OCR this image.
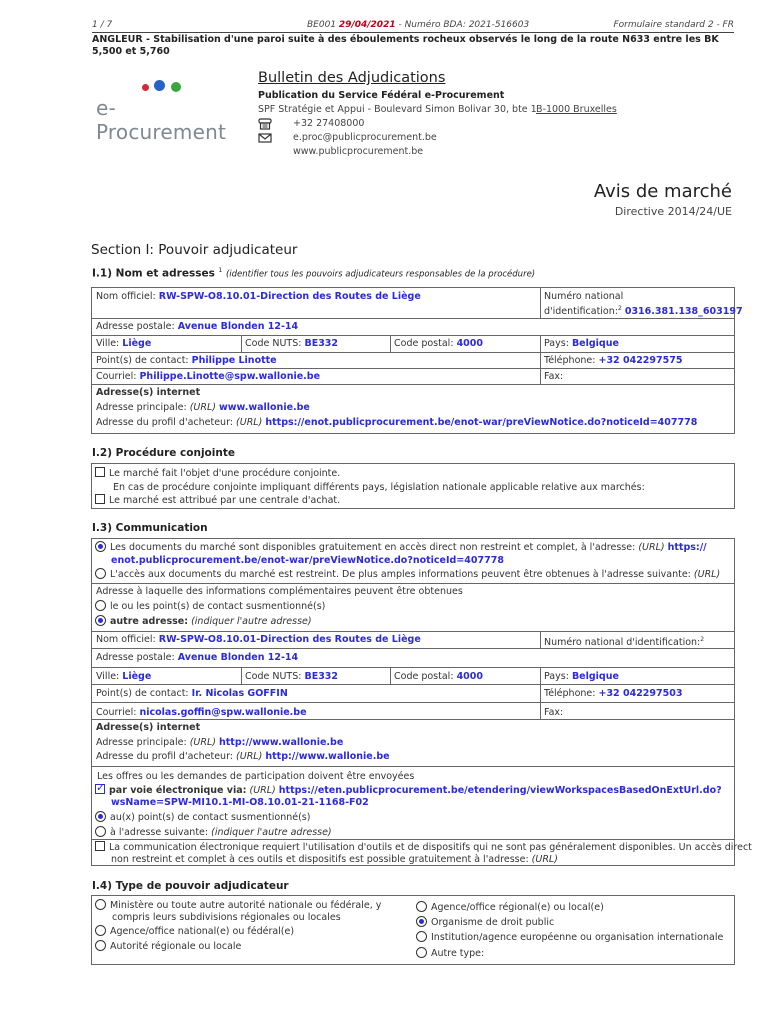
1 / 7	BE001 29/04/2021 - Numéro BDA: 2021-516603	Formulaire standard 2 - FR
ANGLEUR - Stabilisation d'une paroi suite à des éboulements rocheux observés le long de la route N633 entre les BK 5,500 et 5,760
e-Procurement
Bulletin des Adjudications
Publication du Service Fédéral e-Procurement
SPF Stratégie et Appui - Boulevard Simon Bolivar 30, bte 1 B-1000 Bruxelles
+32 27408000
e.proc@publicprocurement.be
www.publicprocurement.be
Avis de marché
Directive 2014/24/UE
Section I: Pouvoir adjudicateur
I.1) Nom et adresses $^1$ (identifier tous les pouvoirs adjudicateurs responsables de la procédure)
Nom officiel: RW-SPW-O8.10.01-Direction des Routes de Liège	Numéro national
d'identification:$^2$ 0316.381.138_603197
Adresse postale: Avenue Blonden 12-14
Ville: Liège	Code NUTS: BE332	Code postal: 4000	Pays: Belgique
Point(s) de contact: Philippe Linotte	Téléphone: +32 042297575
Courriel: Philippe.Linotte@spw.wallonie.be	Fax:
Adresse(s) internet
Adresse principale: (URL) www.wallonie.be
Adresse du profil d'acheteur: (URL) https://enot.publicprocurement.be/enot-war/preViewNotice.do?noticeId=407778
I.2) Procédure conjointe
Le marché fait l'objet d'une procédure conjointe.
En cas de procédure conjointe impliquant différents pays, législation nationale applicable relative aux marchés:
Le marché est attribué par une centrale d'achat.
I.3) Communication
Les documents du marché sont disponibles gratuitement en accès direct non restreint et complet, à l'adresse: (URL) https://
enot.publicprocurement.be/enot-war/preViewNotice.do?noticeId=407778
L'accès aux documents du marché est restreint. De plus amples informations peuvent être obtenues à l'adresse suivante: (URL)
Adresse à laquelle des informations complémentaires peuvent être obtenues
le ou les point(s) de contact susmentionné(s)
autre adresse: (indiquer l'autre adresse)
Nom officiel: RW-SPW-O8.10.01-Direction des Routes de Liège	Numéro national d'identification:$^2$
Adresse postale: Avenue Blonden 12-14
Ville: Liège	Code NUTS: BE332	Code postal: 4000	Pays: Belgique
Point(s) de contact: Ir. Nicolas GOFFIN	Téléphone: +32 042297503
Courriel: nicolas.goffin@spw.wallonie.be	Fax:
Adresse(s) internet
Adresse principale: (URL) http://www.wallonie.be
Adresse du profil d'acheteur: (URL) http://www.wallonie.be
Les offres ou les demandes de participation doivent être envoyées
✓par voie électronique via: (URL) https://eten.publicprocurement.be/etendering/viewWorkspacesBasedOnExtUrl.do?
wsName=SPW-MI10.1-MI-O8.10.01-21-1168-F02
au(x) point(s) de contact susmentionné(s)
à l'adresse suivante: (indiquer l'autre adresse)
La communication électronique requiert l'utilisation d'outils et de dispositifs qui ne sont pas généralement disponibles. Un accès direct
non restreint et complet à ces outils et dispositifs est possible gratuitement à l'adresse: (URL)
I.4) Type de pouvoir adjudicateur
Ministère ou toute autre autorité nationale ou fédérale, y
compris leurs subdivisions régionales ou locales
Agence/office national(e) ou fédéral(e)
Autorité régionale ou locale
Agence/office régional(e) ou local(e)
Organisme de droit public
Institution/agence européenne ou organisation internationale
Autre type:
